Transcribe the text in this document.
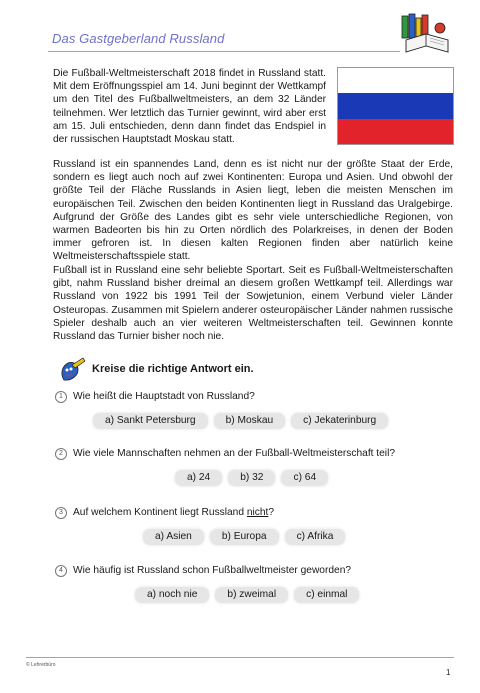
Das Gastgeberland Russland

Die Fußball-Weltmeisterschaft 2018 findet in Russland statt. Mit dem Eröffnungsspiel am 14. Juni beginnt der Wettkampf um den Titel des Fußballweltmeisters, an dem 32 Länder teilnehmen. Wer letztlich das Turnier gewinnt, wird aber erst am 15. Juli entschieden, denn dann findet das Endspiel in der russischen Hauptstadt Moskau statt.

Russland ist ein spannendes Land, denn es ist nicht nur der größte Staat der Erde, sondern es liegt auch noch auf zwei Kontinenten: Europa und Asien. Und obwohl der größte Teil der Fläche Russlands in Asien liegt, leben die meisten Menschen im europäischen Teil. Zwischen den beiden Kontinenten liegt in Russland das Uralgebirge. Aufgrund der Größe des Landes gibt es sehr viele unterschiedliche Regionen, von warmen Badeorten bis hin zu Orten nördlich des Polarkreises, in denen der Boden immer gefroren ist. In diesen kalten Regionen finden aber natürlich keine Weltmeisterschaftsspiele statt.

Fußball ist in Russland eine sehr beliebte Sportart. Seit es Fußball-Weltmeisterschaften gibt, nahm Russland bisher dreimal an diesem großen Wettkampf teil. Allerdings war Russland von 1922 bis 1991 Teil der Sowjetunion, einem Verbund vieler Länder Osteuropas. Zusammen mit Spielern anderer osteuropäischer Länder nahmen russische Spieler deshalb auch an vier weiteren Weltmeisterschaften teil. Gewinnen konnte Russland das Turnier bisher noch nie.

Kreise die richtige Antwort ein.
1 Wie heißt die Hauptstadt von Russland?
a) Sankt Petersburg	b) Moskau	c) Jekaterinburg
2 Wie viele Mannschaften nehmen an der Fußball-Weltmeisterschaft teil?
a) 24	b) 32	c) 64
3 Auf welchem Kontinent liegt Russland nicht?
a) Asien	b) Europa	c) Afrika
4 Wie häufig ist Russland schon Fußballweltmeister geworden?
a) noch nie	b) zweimal	c) einmal
© Lehrerbüro
1
